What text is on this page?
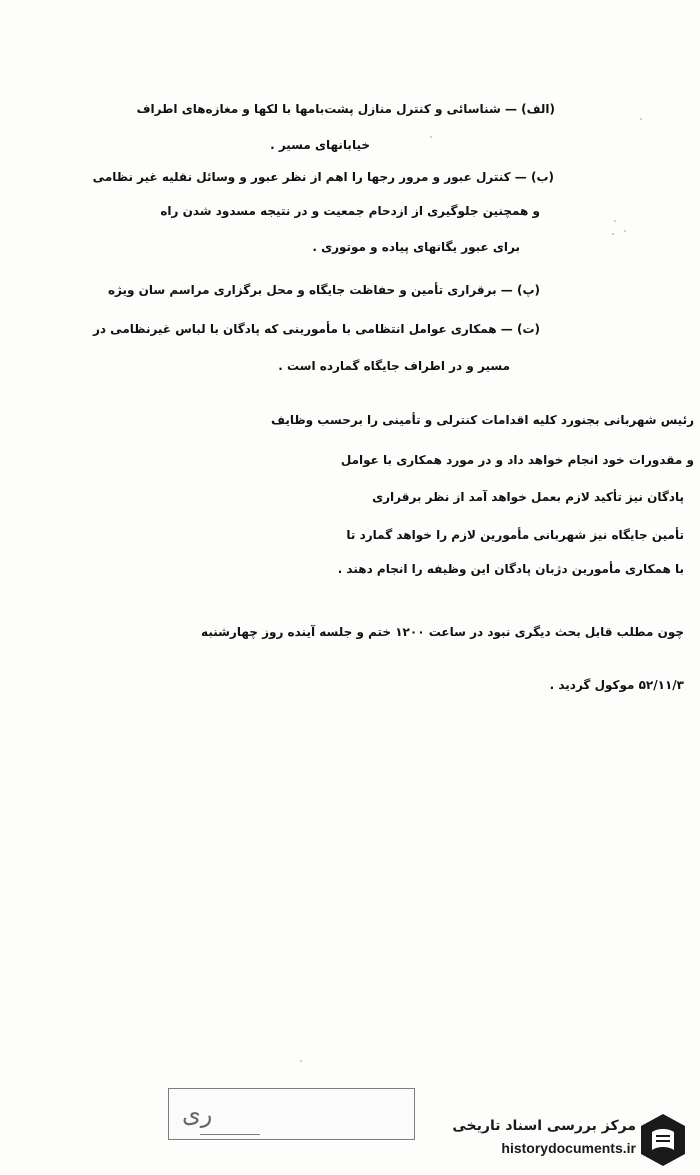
(الف) — شناسائی و کنترل منازل پشت‌بامها با لکها و مغازه‌های اطراف
خیابانهای مسیر .
(ب) — کنترل عبور و مرور رجها را اهم از نظر عبور و وسائل نقلیه غیر نظامی
و همچنین جلوگیری از ازدحام جمعیت و در نتیجه مسدود شدن راه
برای عبور یگانهای پیاده و موتوری .
(پ) — برقراری تأمین و حفاظت جایگاه و محل برگزاری مراسم سان ویژه
(ت) — همکاری عوامل انتظامی با مأمورینی که پادگان با لباس غیرنظامی در
مسیر و در اطراف جایگاه گمارده است .
رئیس شهربانی بجنورد کلیه اقدامات کنترلی و تأمینی را برحسب وظایف
و مقدورات خود انجام خواهد داد و در مورد همکاری با عوامل
پادگان نیز تأکید لازم بعمل خواهد آمد از نظر برقراری
تأمین جایگاه نیز شهربانی مأمورین لازم را خواهد گمارد تا
با همکاری مأمورین دژبان پادگان این وظیفه را انجام دهند .
چون مطلب قابل بحث دیگری نبود در ساعت ۱۲۰۰ ختم و جلسه آینده روز چهارشنبه
۵۲/۱۱/۳ موکول گردید .
ری	مرکز بررسی اسناد تاریخی
historydocuments.ir
